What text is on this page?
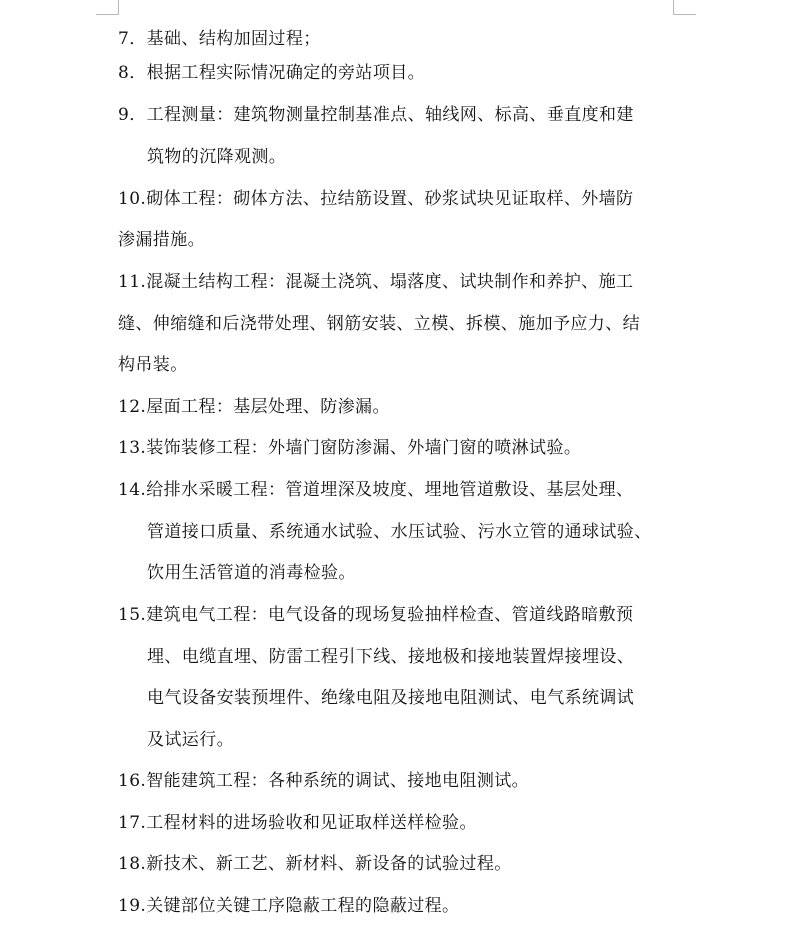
7．基础、结构加固过程；
8．根据工程实际情况确定的旁站项目。
9．工程测量：建筑物测量控制基准点、轴线网、标高、垂直度和建
筑物的沉降观测。
10.砌体工程：砌体方法、拉结筋设置、砂浆试块见证取样、外墙防
渗漏措施。
11.混凝土结构工程：混凝土浇筑、塌落度、试块制作和养护、施工
缝、伸缩缝和后浇带处理、钢筋安装、立模、拆模、施加予应力、结
构吊装。
12.屋面工程：基层处理、防渗漏。
13.装饰装修工程：外墙门窗防渗漏、外墙门窗的喷淋试验。
14.给排水采暖工程：管道埋深及坡度、埋地管道敷设、基层处理、
管道接口质量、系统通水试验、水压试验、污水立管的通球试验、
饮用生活管道的消毒检验。
15.建筑电气工程：电气设备的现场复验抽样检查、管道线路暗敷预
埋、电缆直埋、防雷工程引下线、接地极和接地装置焊接埋设、
电气设备安装预埋件、绝缘电阻及接地电阻测试、电气系统调试
及试运行。
16.智能建筑工程：各种系统的调试、接地电阻测试。
17.工程材料的进场验收和见证取样送样检验。
18.新技术、新工艺、新材料、新设备的试验过程。
19.关键部位关键工序隐蔽工程的隐蔽过程。
